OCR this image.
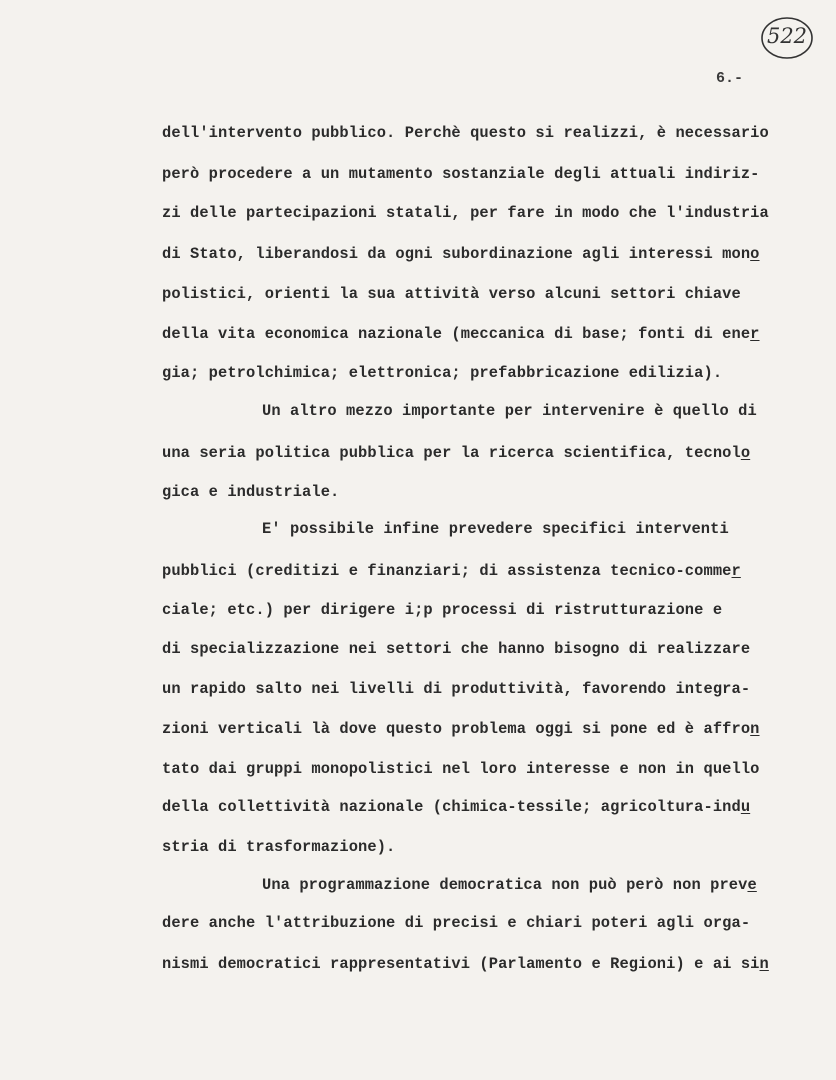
522
6.-
dell'intervento pubblico. Perchè questo si realizzi, è necessario
però procedere a un mutamento sostanziale degli attuali indiriz-
zi delle partecipazioni statali, per fare in modo che l'industria
di Stato, liberandosi da ogni subordinazione agli interessi mono
polistici, orienti la sua attività verso alcuni settori chiave
della vita economica nazionale (meccanica di base; fonti di ener
gia; petrolchimica; elettronica; prefabbricazione edilizia).
Un altro mezzo importante per intervenire è quello di
una seria politica pubblica per la ricerca scientifica, tecnolo
gica e industriale.
E' possibile infine prevedere specifici interventi
pubblici (creditizi e finanziari; di assistenza tecnico-commer
ciale; etc.) per dirigere i;p processi di ristrutturazione e
di specializzazione nei settori che hanno bisogno di realizzare
un rapido salto nei livelli di produttività, favorendo integra-
zioni verticali là dove questo problema oggi si pone ed è affron
tato dai gruppi monopolistici nel loro interesse e non in quello
della collettività nazionale (chimica-tessile; agricoltura-indu
stria di trasformazione).
Una programmazione democratica non può però non preve
dere anche l'attribuzione di precisi e chiari poteri agli orga-
nismi democratici rappresentativi (Parlamento e Regioni) e ai sin
